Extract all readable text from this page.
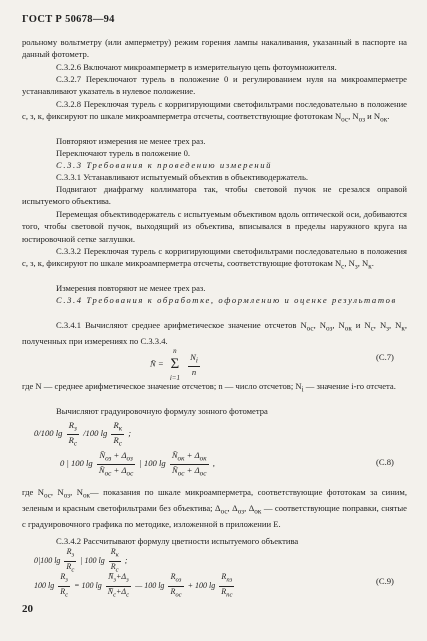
ГОСТ Р 50678—94
рольному вольтметру (или амперметру) режим горения лампы накаливания, указанный в паспорте на данный фотометр.
С.3.2.6 Включают микроамперметр в измерительную цепь фотоумножителя.
С.3.2.7 Переключают турель в положение 0 и регулированием нуля на микроамперметре устанавливают указатель в нулевое положение.
С.3.2.8 Переключая турель с корригирующими светофильтрами последовательно в положение с, з, к, фиксируют по шкале микроамперметра отсчеты, соответствующие фототокам $N_{ос}$, $N_{оз}$ и $N_{ок}$.
Повторяют измерения не менее трех раз.
Переключают турель в положение 0.
С.3.3 Требования к проведению измерений
С.3.3.1 Устанавливают испытуемый объектив в объективодержатель.
Подвигают диафрагму коллиматора так, чтобы световой пучок не срезался оправой испытуемого объектива.
Перемещая объективодержатель с испытуемым объективом вдоль оптической оси, добиваются того, чтобы световой пучок, выходящий из объектива, вписывался в пределы наружного круга на юстировочной сетке заглушки.
С.3.3.2 Переключая турель с корригирующими светофильтрами последовательно в положения с, з, к, фиксируют по шкале микроамперметра отсчеты, соответствующие фототокам $N_с$, $N_з$, $N_к$.
Измерения повторяют не менее трех раз.
С.3.4 Требования к обработке, оформлению и оценке результатов
С.3.4.1 Вычисляют среднее арифметическое значение отсчетов $N_{ос}$, $N_{оз}$, $N_{ок}$ и $N_с$, $N_з$, $N_к$, полученных при измерениях по С.3.3.4.
N̄ =
n
Σ
i=1

$\frac{N_i}{n}$	(С.7)
где N — среднее арифметическое значение отсчетов; n — число отсчетов; $N_i$ — значение i-го отсчета.
Вычисляют градуировочную формулу зонного фотометра
0/100 $\lg \frac{R_з}{R_с} /100$ $\lg \frac{R_к}{R_с}$ ;
0 | 100 $\lg \frac{N̄_{оз} + \Delta_{оз}}{N̄_{ос} + \Delta_{ос}}$ | 100 $\lg \frac{N̄_{ок} + \Delta_{ок}}{N̄_{ос} + \Delta_{ос}}$ ,	(С.8)
где $N_{ос}$, $N_{оз}$, $N_{ок}—$ показания по шкале микроамперметра, соответствующие фототокам за синим, зеленым и красным светофильтрами без объектива; $\Delta_{ос}$, $\Delta_{оз}$, $\Delta_{ок}$ — соответствующие поправки, снятые с градуировочного графика по методике, изложенной в приложении Е.
С.3.4.2 Рассчитывают формулу цветности испытуемого объектива
0|100 $\lg \frac{R_з}{R_с}$ | 100 $\lg \frac{R_к}{R_с}$ ;
100 $\lg \frac{R_з}{R_с} = 100$ $\lg \frac{N̄_з+\Delta_з}{N̄_с+\Delta_с}$ — 100 $\lg \frac{R_{оз}}{R_{ос}} + 100$ $\lg \frac{R_{пз}}{R_{пс}}$	(С.9)
20
